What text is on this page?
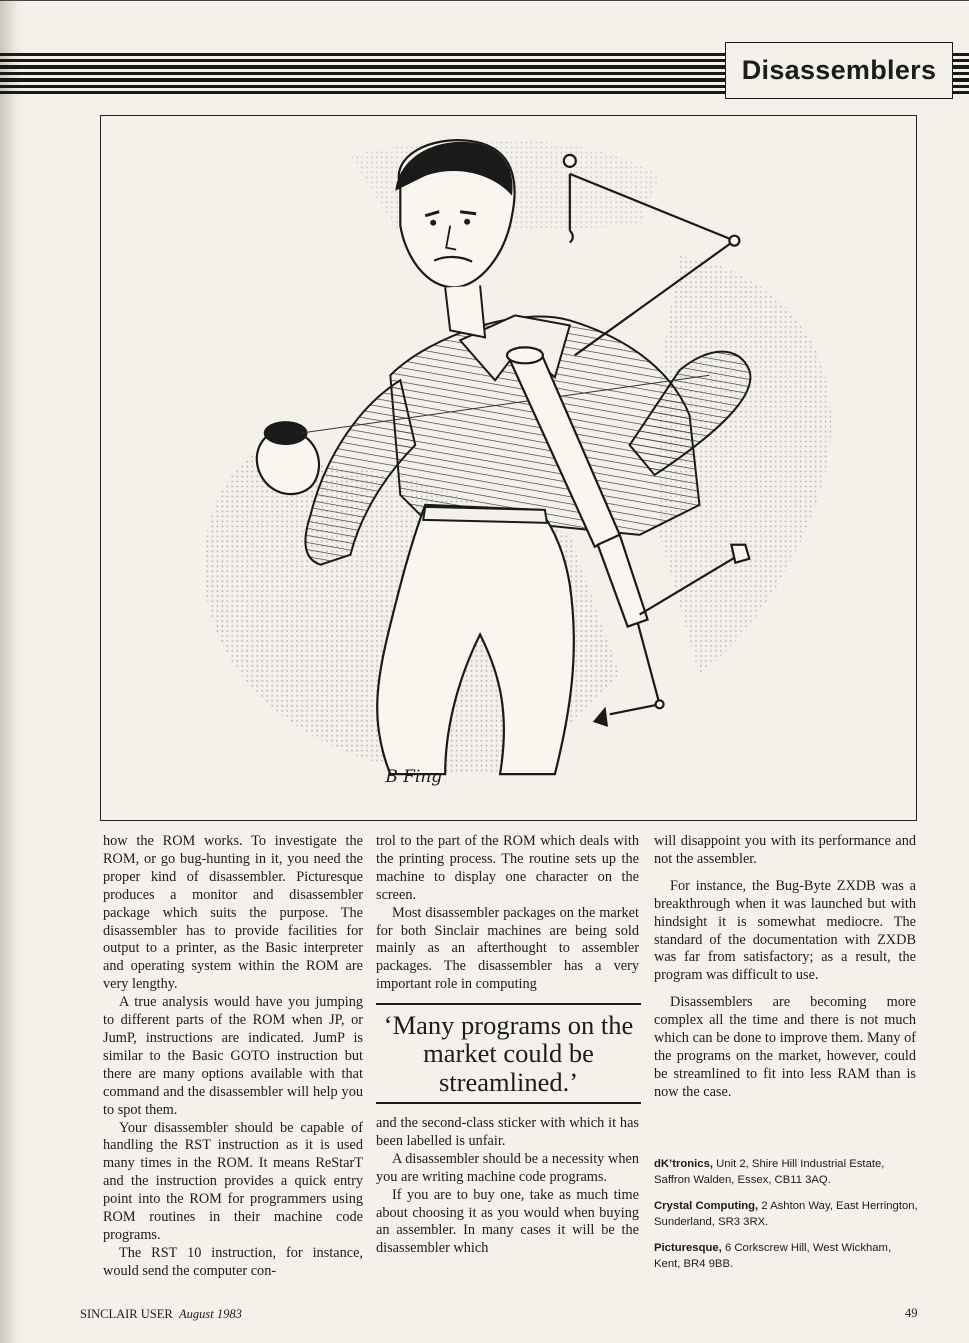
Disassemblers
B Fing

how the ROM works. To investigate the ROM, or go bug-hunting in it, you need the proper kind of disassembler. Picturesque produces a monitor and disassembler package which suits the purpose. The disassembler has to provide facilities for output to a printer, as the Basic interpreter and operating system within the ROM are very lengthy.

A true analysis would have you jumping to different parts of the ROM when JP, or JumP, instructions are indicated. JumP is similar to the Basic GOTO instruction but there are many options available with that command and the disassembler will help you to spot them.

Your disassembler should be capable of handling the RST instruction as it is used many times in the ROM. It means ReStarT and the instruction provides a quick entry point into the ROM for programmers using ROM routines in their machine code programs.

The RST 10 instruction, for instance, would send the computer con-

trol to the part of the ROM which deals with the printing process. The routine sets up the machine to display one character on the screen.

Most disassembler packages on the market for both Sinclair machines are being sold mainly as an afterthought to assembler packages. The disassembler has a very important role in computing

‘Many programs on the market could be streamlined.’

and the second-class sticker with which it has been labelled is unfair.

A disassembler should be a necessity when you are writing machine code programs.

If you are to buy one, take as much time about choosing it as you would when buying an assembler. In many cases it will be the disassembler which

will disappoint you with its performance and not the assembler.

For instance, the Bug-Byte ZXDB was a breakthrough when it was launched but with hindsight it is somewhat mediocre. The standard of the documentation with ZXDB was far from satisfactory; as a result, the program was difficult to use.

Disassemblers are becoming more complex all the time and there is not much which can be done to improve them. Many of the programs on the market, however, could be streamlined to fit into less RAM than is now the case.

dK’tronics, Unit 2, Shire Hill Industrial Estate, Saffron Walden, Essex, CB11 3AQ.
Crystal Computing, 2 Ashton Way, East Herrington, Sunderland, SR3 3RX.
Picturesque, 6 Corkscrew Hill, West Wickham, Kent, BR4 9BB.
SINCLAIR USER August 1983	49
